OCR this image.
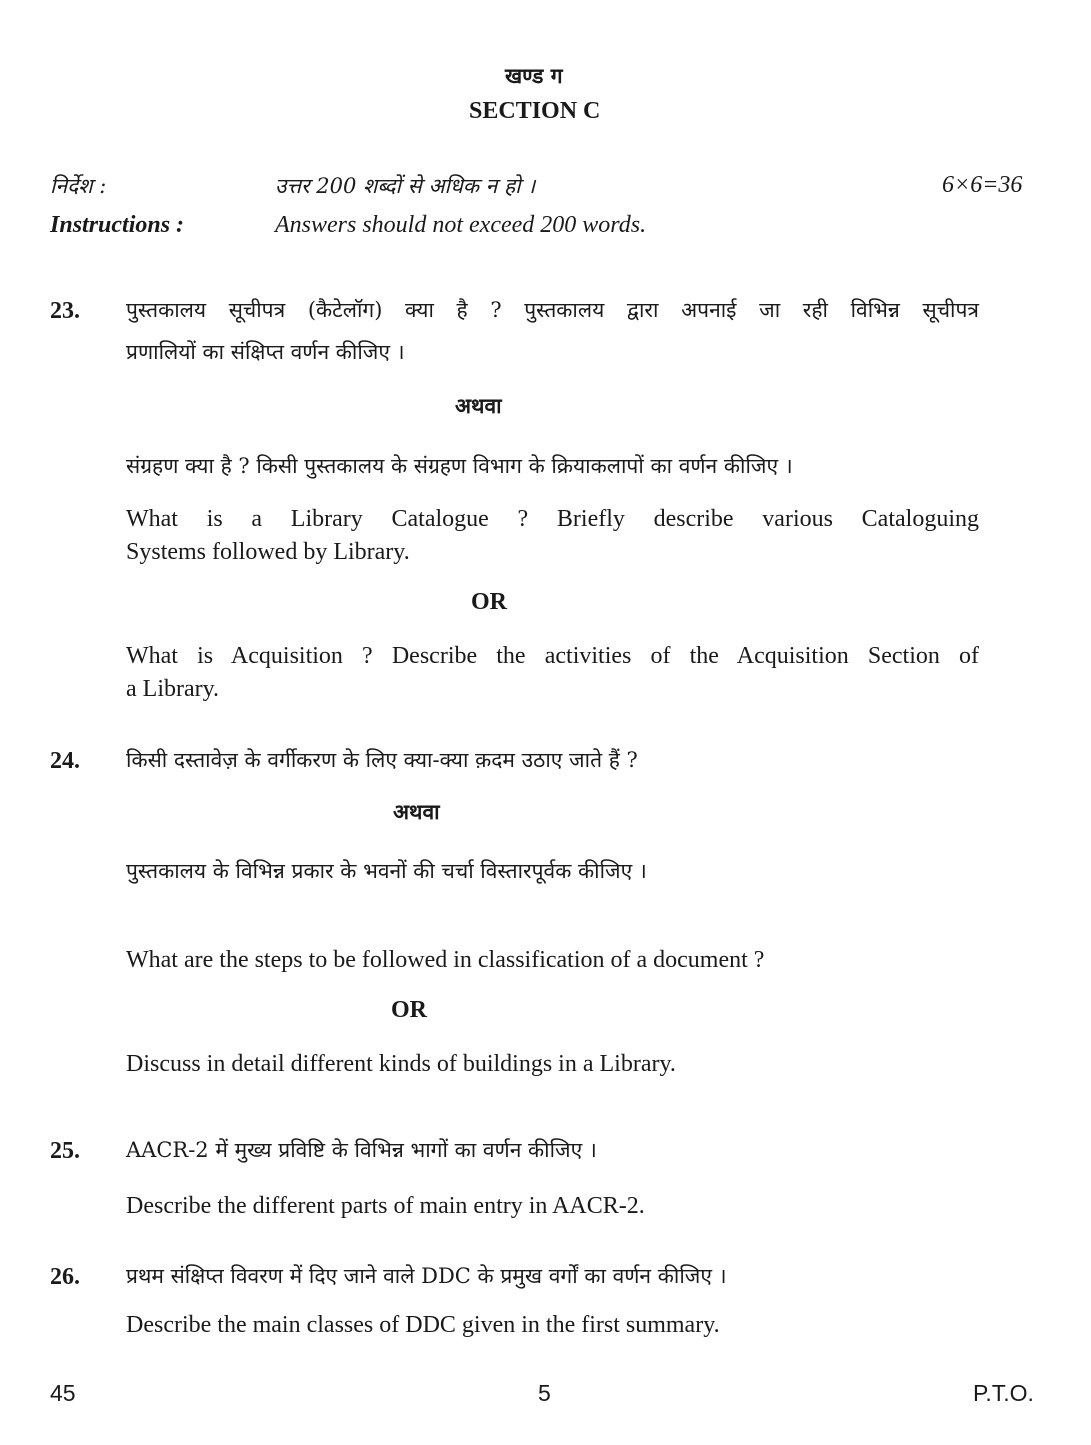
खण्ड ग
SECTION C
निर्देश :	उत्तर 200 शब्दों से अधिक न हो ।	6×6=36
Instructions :	Answers should not exceed 200 words.
23. पुस्तकालय सूचीपत्र (कैटेलॉग) क्या है ? पुस्तकालय द्वारा अपनाई जा रही विभिन्न सूचीपत्र
प्रणालियों का संक्षिप्त वर्णन कीजिए ।
अथवा
संग्रहण क्या है ? किसी पुस्तकालय के संग्रहण विभाग के क्रियाकलापों का वर्णन कीजिए ।
What is a Library Catalogue ? Briefly describe various Cataloguing
Systems followed by Library.
OR
What is Acquisition ? Describe the activities of the Acquisition Section of
a Library.
24. किसी दस्तावेज़ के वर्गीकरण के लिए क्या-क्या क़दम उठाए जाते हैं ?
अथवा
पुस्तकालय के विभिन्न प्रकार के भवनों की चर्चा विस्तारपूर्वक कीजिए ।
What are the steps to be followed in classification of a document ?
OR
Discuss in detail different kinds of buildings in a Library.
25. AACR-2 में मुख्य प्रविष्टि के विभिन्न भागों का वर्णन कीजिए ।
Describe the different parts of main entry in AACR-2.
26. प्रथम संक्षिप्त विवरण में दिए जाने वाले DDC के प्रमुख वर्गों का वर्णन कीजिए ।
Describe the main classes of DDC given in the first summary.
45	5	P.T.O.
